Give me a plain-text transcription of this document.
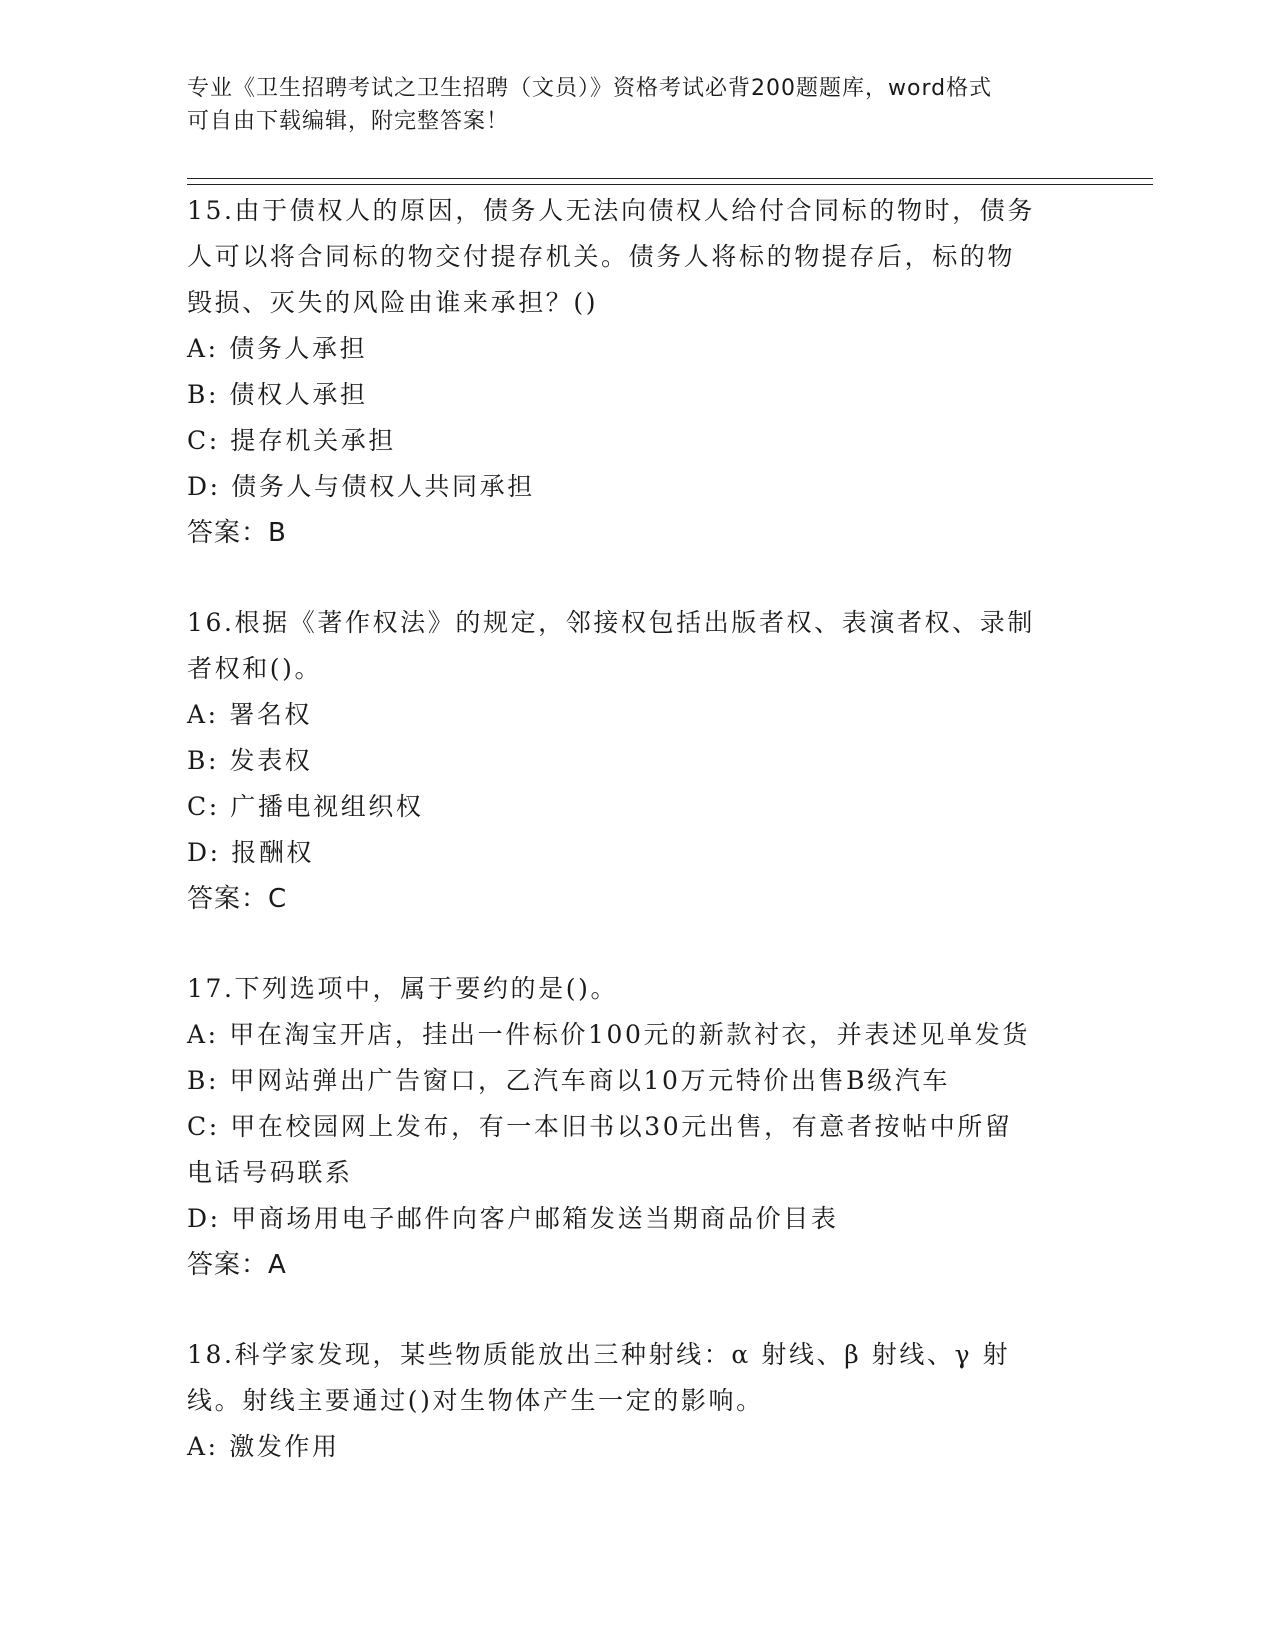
专业《卫生招聘考试之卫生招聘（文员）》资格考试必背200题题库，word格式
可自由下载编辑，附完整答案！

15.由于债权人的原因，债务人无法向债权人给付合同标的物时，债务

人可以将合同标的物交付提存机关。债务人将标的物提存后，标的物

毁损、灭失的风险由谁来承担？()

A: 债务人承担

B: 债权人承担

C: 提存机关承担

D: 债务人与债权人共同承担

答案：B

16.根据《著作权法》的规定，邻接权包括出版者权、表演者权、录制

者权和()。

A: 署名权

B: 发表权

C: 广播电视组织权

D: 报酬权

答案：C

17.下列选项中，属于要约的是()。

A: 甲在淘宝开店，挂出一件标价100元的新款衬衣，并表述见单发货

B: 甲网站弹出广告窗口，乙汽车商以10万元特价出售B级汽车

C: 甲在校园网上发布，有一本旧书以30元出售，有意者按帖中所留

电话号码联系

D: 甲商场用电子邮件向客户邮箱发送当期商品价目表

答案：A

18.科学家发现，某些物质能放出三种射线：α 射线、β 射线、γ 射

线。射线主要通过()对生物体产生一定的影响。

A: 激发作用
